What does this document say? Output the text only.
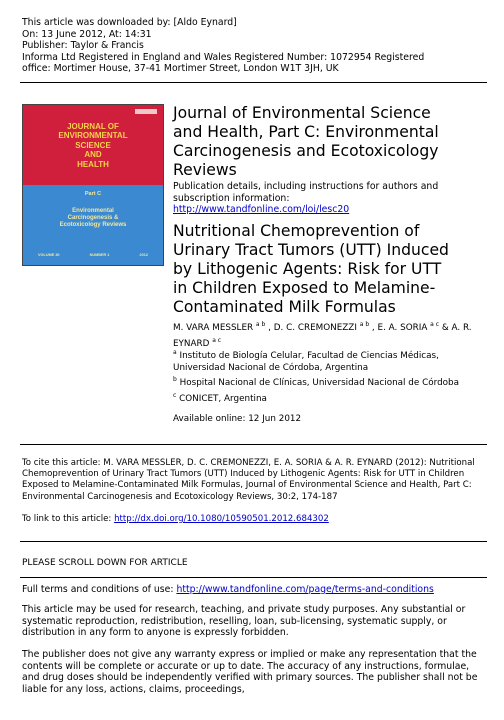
This article was downloaded by: [Aldo Eynard]
On: 13 June 2012, At: 14:31
Publisher: Taylor & Francis
Informa Ltd Registered in England and Wales Registered Number: 1072954 Registered
office: Mortimer House, 37-41 Mortimer Street, London W1T 3JH, UK
JOURNAL OF
ENVIRONMENTAL
SCIENCE
AND
HEALTH
Part C
Environmental
Carcinogenesis &
Ecotoxicology Reviews
VOLUME 30	NUMBER 1	2012
Journal of Environmental Science
and Health, Part C: Environmental
Carcinogenesis and Ecotoxicology
Reviews
Publication details, including instructions for authors and
subscription information:
http://www.tandfonline.com/loi/lesc20
Nutritional Chemoprevention of
Urinary Tract Tumors (UTT) Induced
by Lithogenic Agents: Risk for UTT
in Children Exposed to Melamine-
Contaminated Milk Formulas
M. VARA MESSLER $^{a b}$ , D. C. CREMONEZZI $^{a b}$ , E. A. SORIA $^{a c}$ & A. R. EYNARD $^{a c}$
$^a$ Instituto de Biología Celular, Facultad de Ciencias Médicas,
Universidad Nacional de Córdoba, Argentina
$^b$ Hospital Nacional de Clínicas, Universidad Nacional de Córdoba
$^c$ CONICET, Argentina
Available online: 12 Jun 2012
To cite this article: M. VARA MESSLER, D. C. CREMONEZZI, E. A. SORIA & A. R. EYNARD (2012): Nutritional Chemoprevention of Urinary Tract Tumors (UTT) Induced by Lithogenic Agents: Risk for UTT in Children Exposed to Melamine-Contaminated Milk Formulas, Journal of Environmental Science and Health, Part C: Environmental Carcinogenesis and Ecotoxicology Reviews, 30:2, 174-187
To link to this article: http://dx.doi.org/10.1080/10590501.2012.684302
PLEASE SCROLL DOWN FOR ARTICLE
Full terms and conditions of use: http://www.tandfonline.com/page/terms-and-conditions
This article may be used for research, teaching, and private study purposes. Any substantial or systematic reproduction, redistribution, reselling, loan, sub-licensing, systematic supply, or distribution in any form to anyone is expressly forbidden.
The publisher does not give any warranty express or implied or make any representation that the contents will be complete or accurate or up to date. The accuracy of any instructions, formulae, and drug doses should be independently verified with primary sources. The publisher shall not be liable for any loss, actions, claims, proceedings,
